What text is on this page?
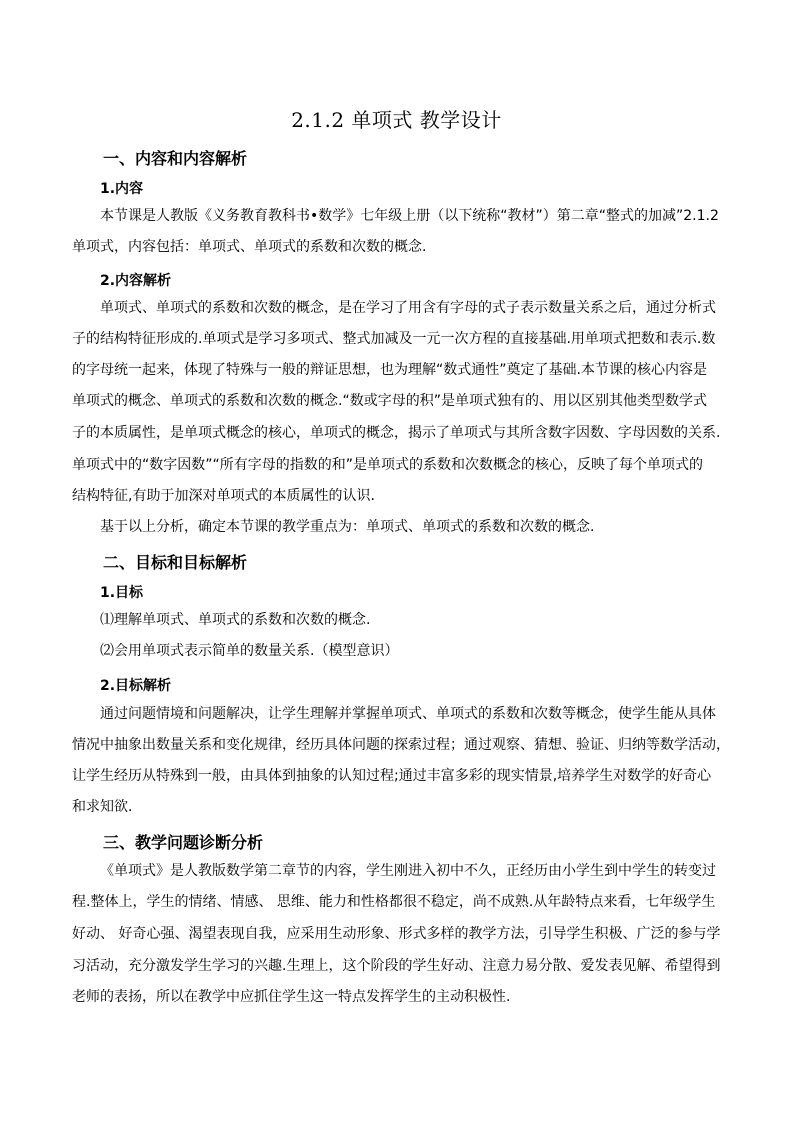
2.1.2 单项式 教学设计
一、内容和内容解析
1.内容
本节课是人教版《义务教育教科书•数学》七年级上册（以下统称“教材”）第二章“整式的加减”2.1.2
单项式，内容包括：单项式、单项式的系数和次数的概念.
2.内容解析
单项式、单项式的系数和次数的概念，是在学习了用含有字母的式子表示数量关系之后，通过分析式
子的结构特征形成的.单项式是学习多项式、整式加减及一元一次方程的直接基础.用单项式把数和表示.数
的字母统一起来，体现了特殊与一般的辩证思想，也为理解“数式通性”奠定了基础.本节课的核心内容是
单项式的概念、单项式的系数和次数的概念.“数或字母的积”是单项式独有的、用以区别其他类型数学式
子的本质属性，是单项式概念的核心，单项式的概念，揭示了单项式与其所含数字因数、字母因数的关系.
单项式中的“数字因数”“所有字母的指数的和”是单项式的系数和次数概念的核心，反映了每个单项式的
结构特征,有助于加深对单项式的本质属性的认识.
基于以上分析，确定本节课的教学重点为：单项式、单项式的系数和次数的概念.
二、目标和目标解析
1.目标
⑴理解单项式、单项式的系数和次数的概念.
⑵会用单项式表示简单的数量关系.（模型意识）
2.目标解析
通过问题情境和问题解决，让学生理解并掌握单项式、单项式的系数和次数等概念，使学生能从具体
情况中抽象出数量关系和变化规律，经历具体问题的探索过程；通过观察、猜想、验证、归纳等数学活动，
让学生经历从特殊到一般，由具体到抽象的认知过程;通过丰富多彩的现实情景,培养学生对数学的好奇心
和求知欲.
三、教学问题诊断分析
《单项式》是人教版数学第二章节的内容，学生刚进入初中不久，正经历由小学生到中学生的转变过
程.整体上，学生的情绪、情感、 思维、能力和性格都很不稳定，尚不成熟.从年龄特点来看，七年级学生
好动、 好奇心强、渴望表现自我，应采用生动形象、形式多样的教学方法，引导学生积极、广泛的参与学
习活动，充分激发学生学习的兴趣.生理上，这个阶段的学生好动、注意力易分散、爱发表见解、希望得到
老师的表扬，所以在教学中应抓住学生这一特点发挥学生的主动积极性.
